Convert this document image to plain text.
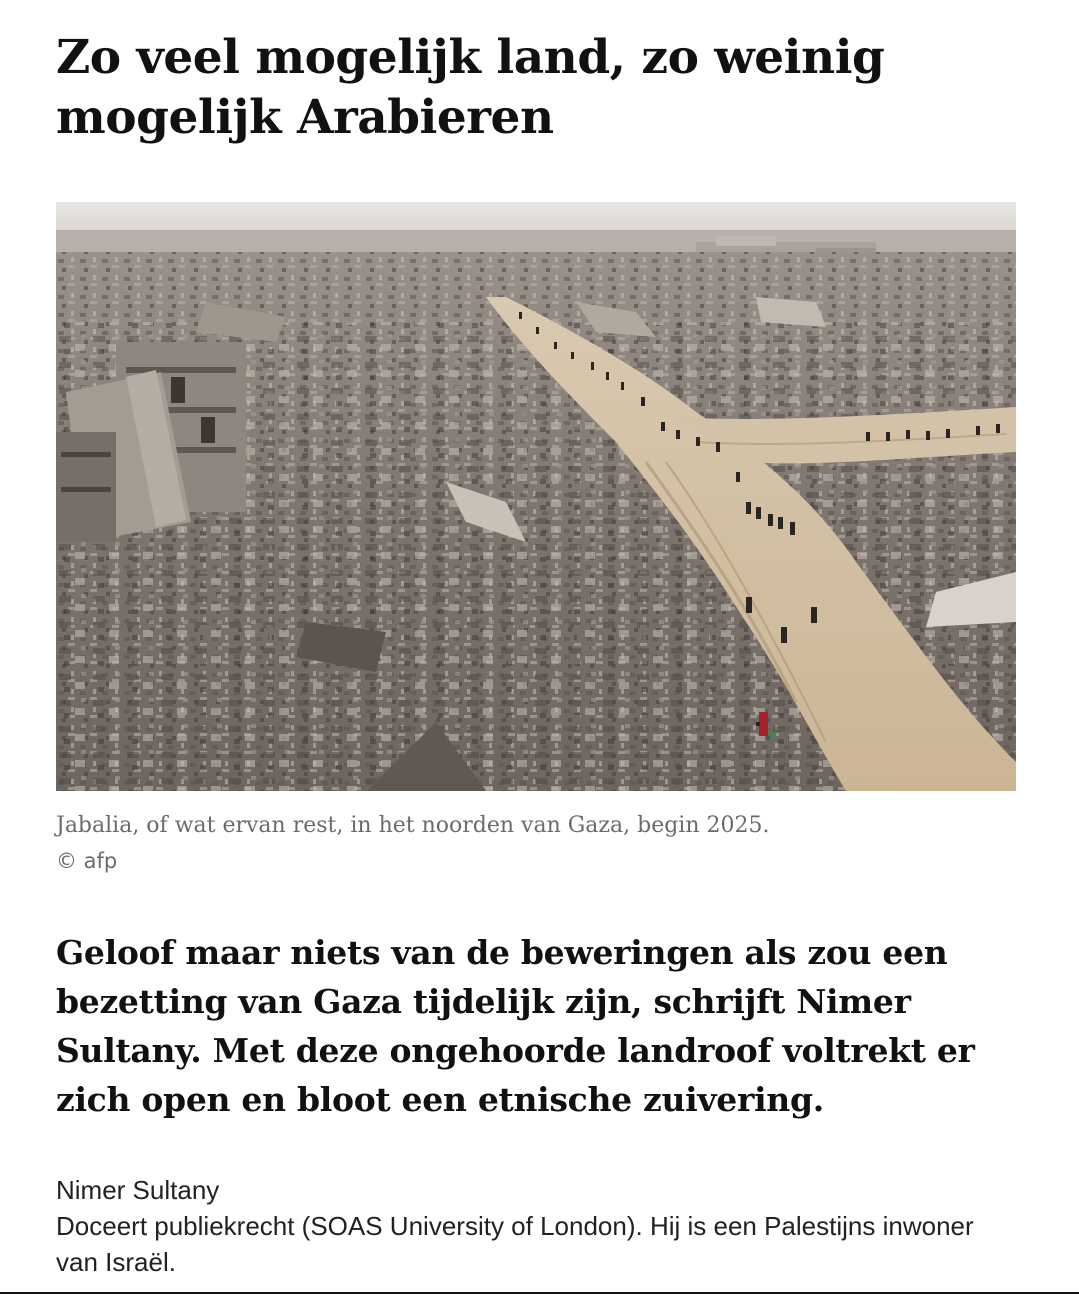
Zo veel mogelijk land, zo weinig mogelijk Arabieren
Jabalia, of wat ervan rest, in het noorden van Gaza, begin 2025.
© afp

Geloof maar niets van de beweringen als zou een bezetting van Gaza tijdelijk zijn, schrijft Nimer Sultany. Met deze ongehoorde landroof voltrekt er zich open en bloot een etnische zuivering.

Nimer Sultany
Doceert publiekrecht (SOAS University of London). Hij is een Palestijns inwoner van Israël.
